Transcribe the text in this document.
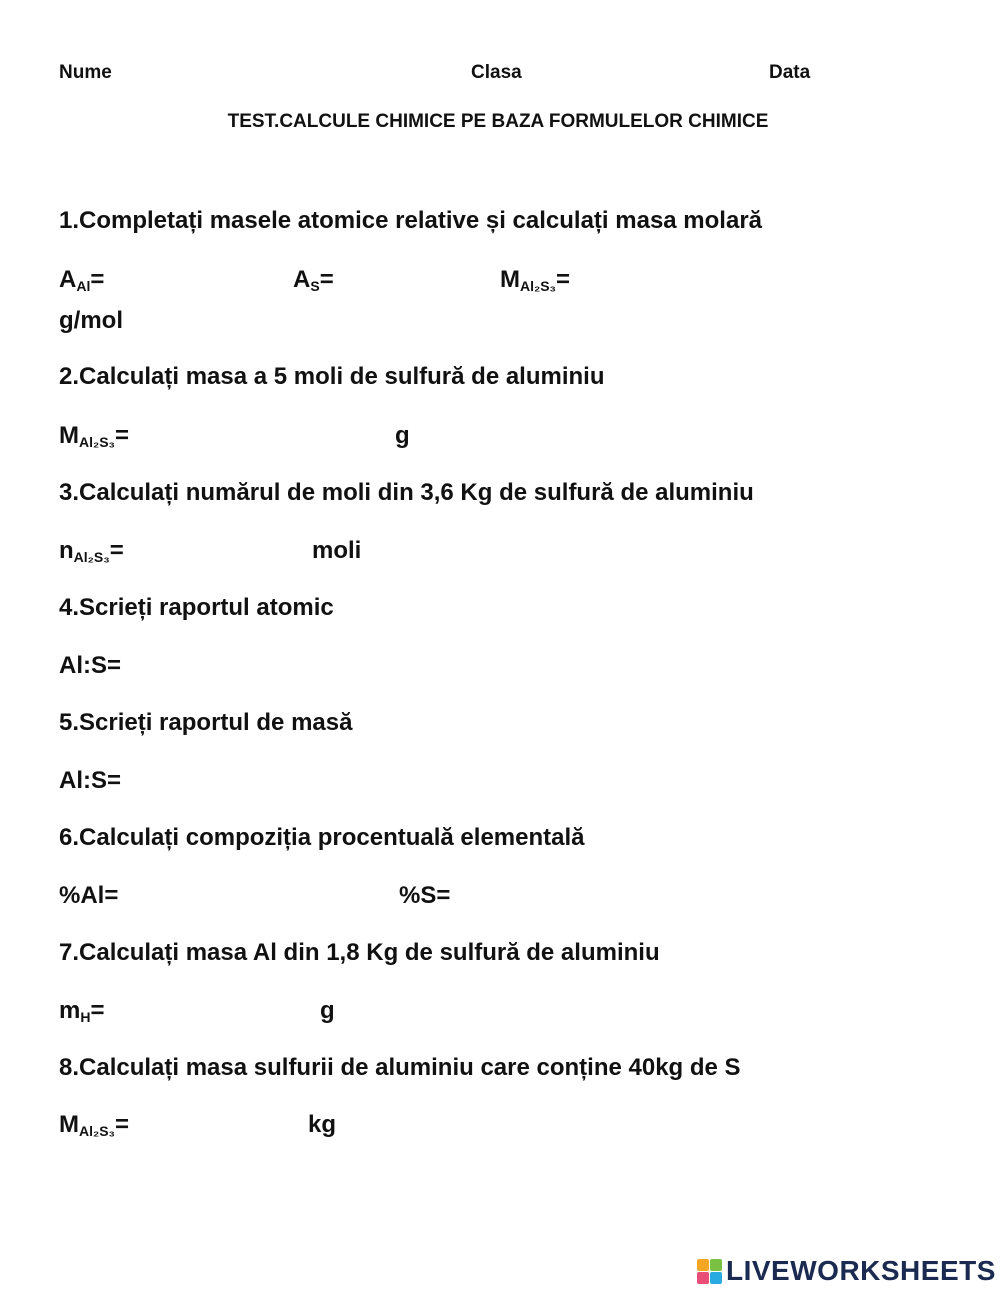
Nume	Clasa	Data
TEST.CALCULE CHIMICE PE BAZA FORMULELOR CHIMICE
1.Completați masele atomice relative și calculați masa molară
$A_{Al}=$	$A_S=$	$M_{Al_2S_3}=$
g/mol
2.Calculați masa a 5 moli de sulfură de aluminiu
$M_{Al_2S_3}=$	g
3.Calculați numărul de moli din 3,6 Kg de sulfură de aluminiu
$n_{Al_2S_3}=$	moli
4.Scrieți raportul atomic
Al:S=
5.Scrieți raportul de masă
Al:S=
6.Calculați compoziția procentuală elementală
%Al=	%S=
7.Calculați masa Al din 1,8 Kg de sulfură de aluminiu
$m_H=$	g
8.Calculați masa sulfurii de aluminiu care conține 40kg de S
$M_{Al_2S_3}=$	kg
LIVEWORKSHEETS
